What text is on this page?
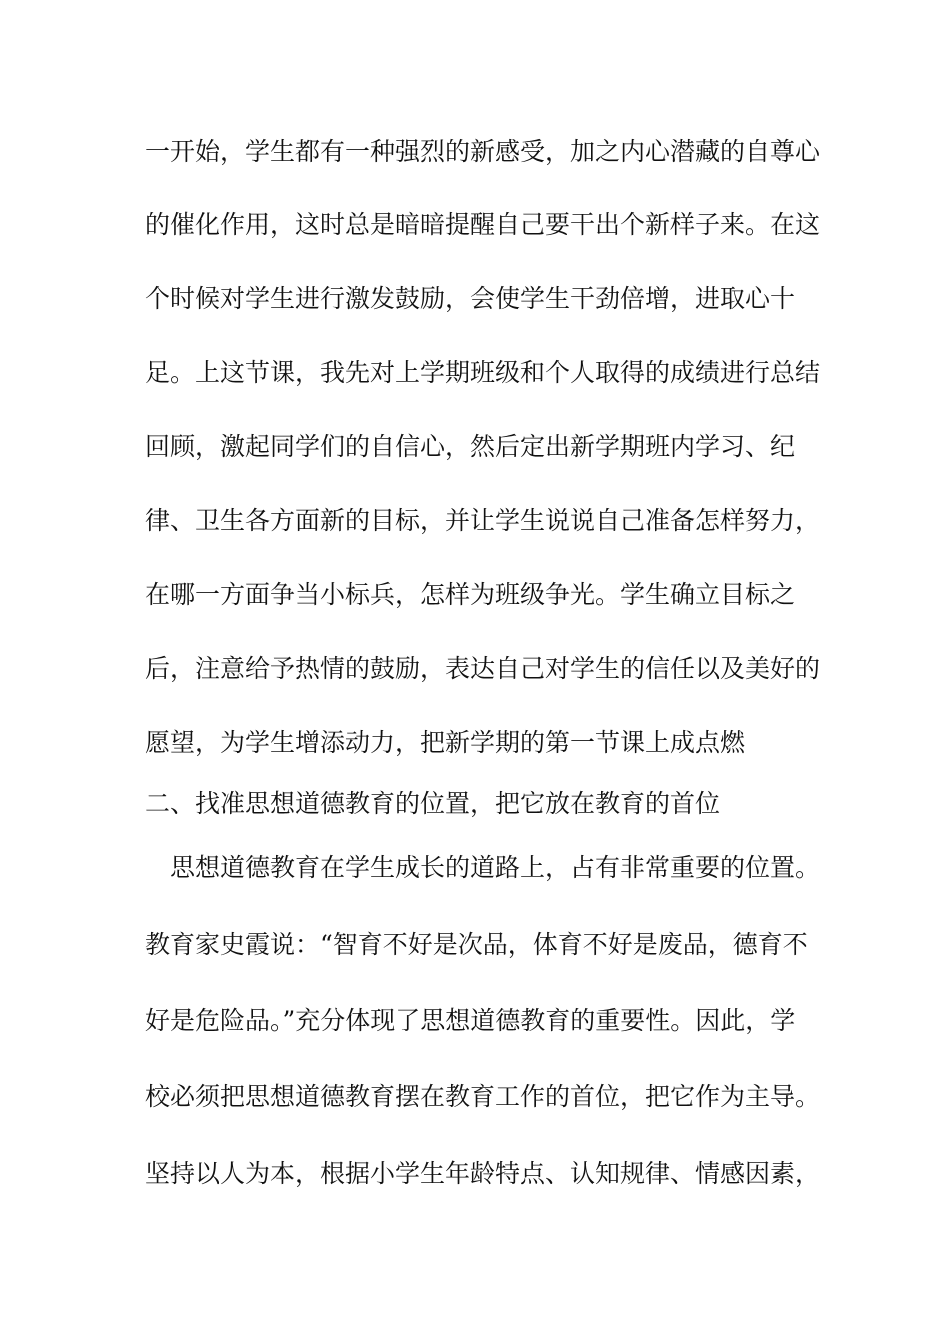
一开始，学生都有一种强烈的新感受，加之内心潜藏的自尊心
的催化作用，这时总是暗暗提醒自己要干出个新样子来。在这
个时候对学生进行激发鼓励，会使学生干劲倍增，进取心十
足。上这节课，我先对上学期班级和个人取得的成绩进行总结
回顾，激起同学们的自信心，然后定出新学期班内学习、纪
律、卫生各方面新的目标，并让学生说说自己准备怎样努力，
在哪一方面争当小标兵，怎样为班级争光。学生确立目标之
后，注意给予热情的鼓励，表达自己对学生的信任以及美好的
愿望，为学生增添动力，把新学期的第一节课上成点燃
二、找准思想道德教育的位置，把它放在教育的首位
　思想道德教育在学生成长的道路上，占有非常重要的位置。
教育家史霞说：“智育不好是次品，体育不好是废品，德育不
好是危险品。”充分体现了思想道德教育的重要性。因此，学
校必须把思想道德教育摆在教育工作的首位，把它作为主导。
坚持以人为本，根据小学生年龄特点、认知规律、情感因素，
